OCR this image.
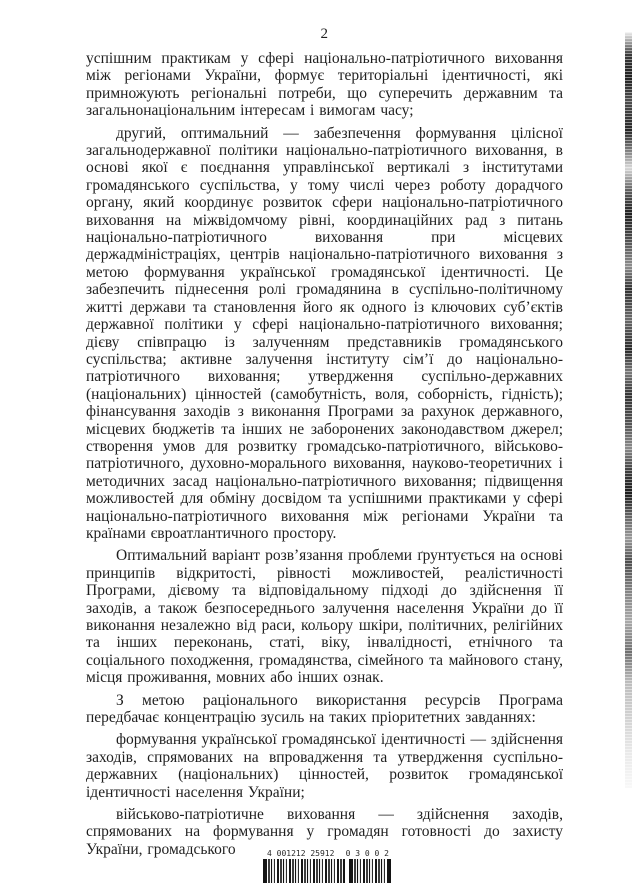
2

успішним практикам у сфері національно-патріотичного виховання між регіонами України, формує територіальні ідентичності, які примножують регіональні потреби, що суперечить державним та загальнонаціональним інтересам і вимогам часу;

другий, оптимальний — забезпечення формування цілісної загальнодержавної політики національно-патріотичного виховання, в основі якої є поєднання управлінської вертикалі з інститутами громадянського суспільства, у тому числі через роботу дорадчого органу, який координує розвиток сфери національно-патріотичного виховання на міжвідомчому рівні, координаційних рад з питань національно-патріотичного виховання при місцевих держадміністраціях, центрів національно-патріотичного виховання з метою формування української громадянської ідентичності. Це забезпечить піднесення ролі громадянина в суспільно-політичному житті держави та становлення його як одного із ключових суб’єктів державної політики у сфері національно-патріотичного виховання; дієву співпрацю із залученням представників громадянського суспільства; активне залучення інституту сім’ї до національно-патріотичного виховання; утвердження суспільно-державних (національних) цінностей (самобутність, воля, соборність, гідність); фінансування заходів з виконання Програми за рахунок державного, місцевих бюджетів та інших не заборонених законодавством джерел; створення умов для розвитку громадсько-патріотичного, військово-патріотичного, духовно-морального виховання, науково-теоретичних і методичних засад національно-патріотичного виховання; підвищення можливостей для обміну досвідом та успішними практиками у сфері національно-патріотичного виховання між регіонами України та країнами євроатлантичного простору.

Оптимальний варіант розв’язання проблеми ґрунтується на основі принципів відкритості, рівності можливостей, реалістичності Програми, дієвому та відповідальному підході до здійснення її заходів, а також безпосереднього залучення населення України до її виконання незалежно від раси, кольору шкіри, політичних, релігійних та інших переконань, статі, віку, інвалідності, етнічного та соціального походження, громадянства, сімейного та майнового стану, місця проживання, мовних або інших ознак.

З метою раціонального використання ресурсів Програма передбачає концентрацію зусиль на таких пріоритетних завданнях:

формування української громадянської ідентичності — здійснення заходів, спрямованих на впровадження та утвердження суспільно-державних (національних) цінностей, розвиток громадянської ідентичності населення України;

військово-патріотичне виховання — здійснення заходів, спрямованих на формування у громадян готовності до захисту України, громадського	4 001212 25912 0 3 0 0 2
